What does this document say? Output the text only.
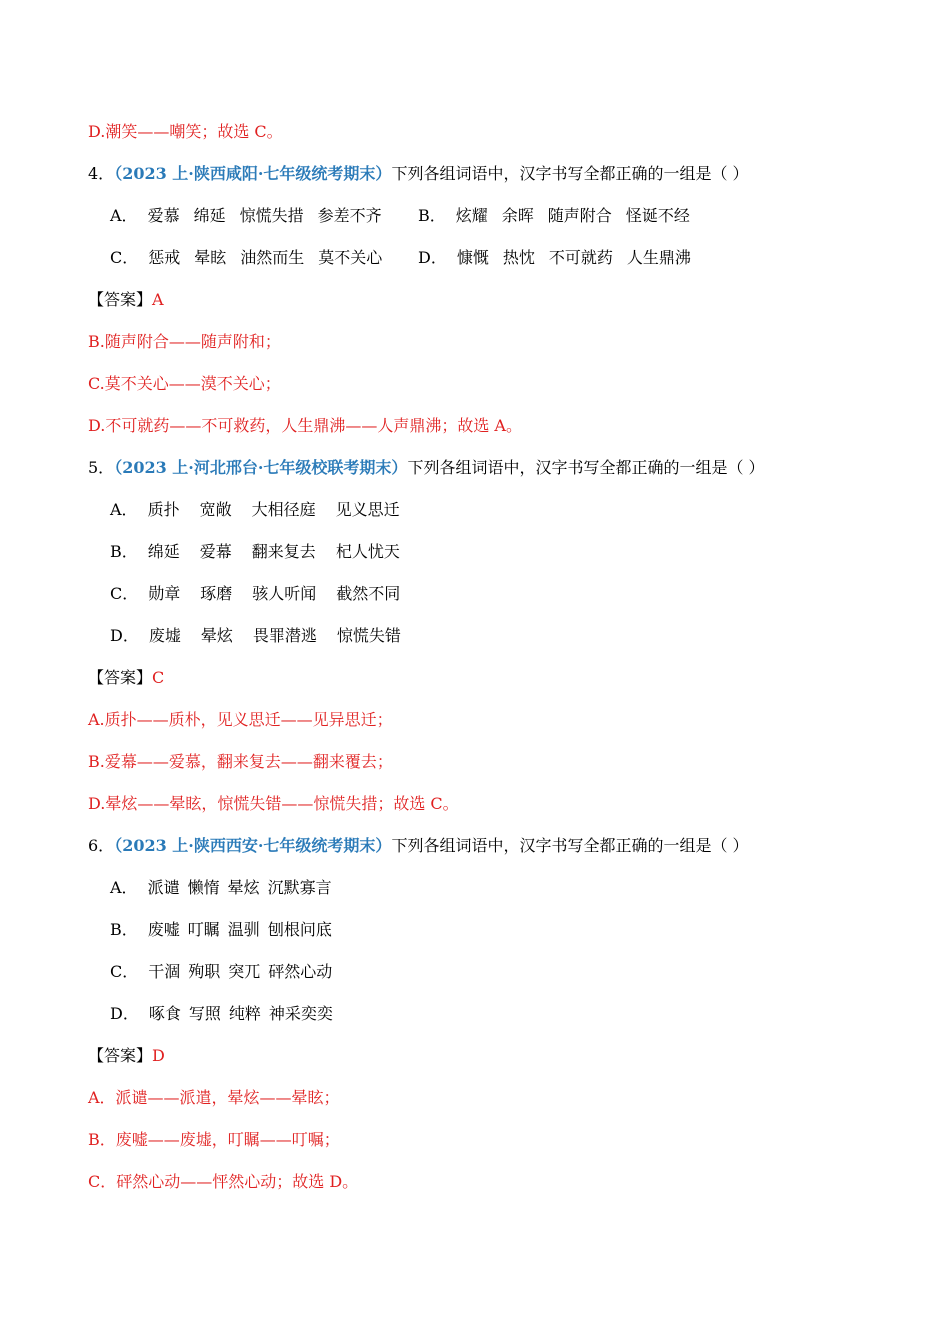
D.潮笑——嘲笑；故选 C。
4．（2023 上·陕西咸阳·七年级统考期末）下列各组词语中，汉字书写全都正确的一组是（ ）
A． 爱慕 绵延 惊慌失措 参差不齐	B． 炫耀 余晖 随声附合 怪诞不经
C． 惩戒 晕眩 油然而生 莫不关心	D． 慷慨 热忱 不可就药 人生鼎沸
【答案】A
B.随声附合——随声附和；
C.莫不关心——漠不关心；
D.不可就药——不可救药，人生鼎沸——人声鼎沸；故选 A。
5．（2023 上·河北邢台·七年级校联考期末）下列各组词语中，汉字书写全都正确的一组是（ ）
A． 质扑 宽敞 大相径庭 见义思迁
B． 绵延 爱幕 翻来复去 杞人忧天
C． 勋章 琢磨 骇人听闻 截然不同
D． 废墟 晕炫 畏罪潜逃 惊慌失错
【答案】C
A.质扑——质朴，见义思迁——见异思迁；
B.爱幕——爱慕，翻来复去——翻来覆去；
D.晕炫——晕眩，惊慌失错——惊慌失措；故选 C。
6．（2023 上·陕西西安·七年级统考期末）下列各组词语中，汉字书写全都正确的一组是（ ）
A． 派谴 懒惰 晕炫 沉默寡言
B． 废嘘 叮瞩 温驯 刨根问底
C． 干涸 殉职 突兀 砰然心动
D． 啄食 写照 纯粹 神采奕奕
【答案】D
A．派谴——派遣，晕炫——晕眩；
B．废嘘——废墟，叮瞩——叮嘱；
C．砰然心动——怦然心动；故选 D。
